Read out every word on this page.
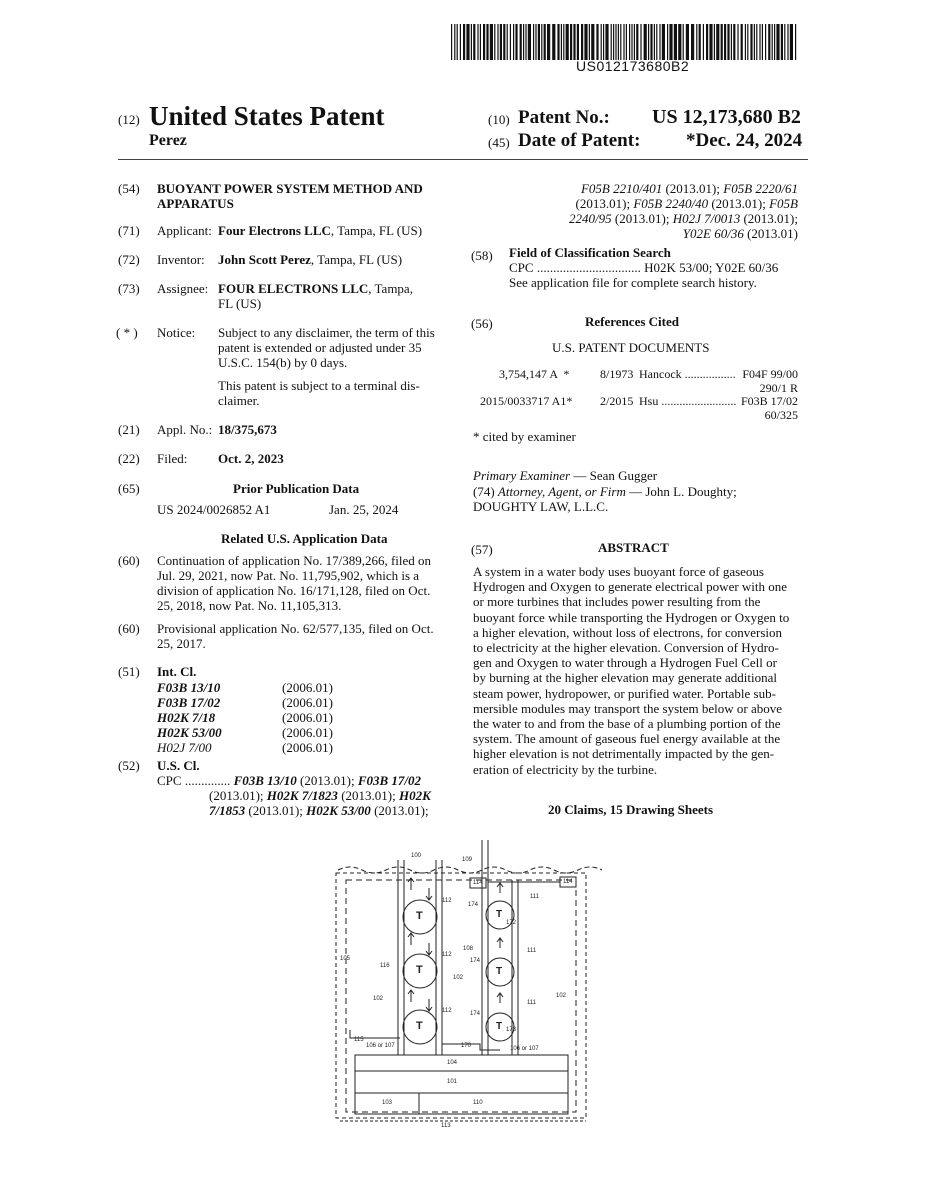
US012173680B2
(12) United States Patent
Perez
(10) Patent No.: US 12,173,680 B2
(45) Date of Patent: *Dec. 24, 2024
(54) BUOYANT POWER SYSTEM METHOD AND
APPARATUS
(71) Applicant: Four Electrons LLC, Tampa, FL (US)
(72) Inventor: John Scott Perez, Tampa, FL (US)
(73) Assignee: FOUR ELECTRONS LLC, Tampa,
FL (US)
( * ) Notice: Subject to any disclaimer, the term of this
patent is extended or adjusted under 35
U.S.C. 154(b) by 0 days.
This patent is subject to a terminal dis-
claimer.
(21) Appl. No.: 18/375,673
(22) Filed: Oct. 2, 2023
(65)	Prior Publication Data
US 2024/0026852 A1	Jan. 25, 2024
Related U.S. Application Data
(60) Continuation of application No. 17/389,266, filed on
Jul. 29, 2021, now Pat. No. 11,795,902, which is a
division of application No. 16/171,128, filed on Oct.
25, 2018, now Pat. No. 11,105,313.
(60) Provisional application No. 62/577,135, filed on Oct.
25, 2017.
(51) Int. Cl.
F03B 13/10	(2006.01)
F03B 17/02	(2006.01)
H02K 7/18	(2006.01)
H02K 53/00	(2006.01)
H02J 7/00	(2006.01)
(52) U.S. Cl.
CPC .............. F03B 13/10 (2013.01); F03B 17/02
(2013.01); H02K 7/1823 (2013.01); H02K
7/1853 (2013.01); H02K 53/00 (2013.01);
F05B 2210/401 (2013.01); F05B 2220/61
(2013.01); F05B 2240/40 (2013.01); F05B
2240/95 (2013.01); H02J 7/0013 (2013.01);
Y02E 60/36 (2013.01)
(58) Field of Classification Search
CPC ................................ H02K 53/00; Y02E 60/36
See application file for complete search history.
(56)	References Cited
U.S. PATENT DOCUMENTS
3,754,147 A  *	8/1973 Hancock ................. F04F 99/00
290/1 R
2015/0033717 A1* 2/2015 Hsu ......................... F03B 17/02
60/325
* cited by examiner
Primary Examiner — Sean Gugger
(74) Attorney, Agent, or Firm — John L. Doughty;
DOUGHTY LAW, L.L.C.
(57)	ABSTRACT
A system in a water body uses buoyant force of gaseous
Hydrogen and Oxygen to generate electrical power with one
or more turbines that includes power resulting from the
buoyant force while transporting the Hydrogen or Oxygen to
a higher elevation, without loss of electrons, for conversion
to electricity at the higher elevation. Conversion of Hydro-
gen and Oxygen to water through a Hydrogen Fuel Cell or
by burning at the higher elevation may generate additional
steam power, hydropower, or purified water. Portable sub-
mersible modules may transport the system below or above
the water to and from the base of a plumbing portion of the
system. The amount of gaseous fuel energy available at the
higher elevation is not detrimentally impacted by the gen-
eration of electricity by the turbine.
20 Claims, 15 Drawing Sheets
100
109
114	114
111
111
111
112
112
112
174
174
174
172
173
108
105
116
102
102
102
115
106 or 107	106 or 107
170
104
101
103	110
113
T
T
T
T
T
T
